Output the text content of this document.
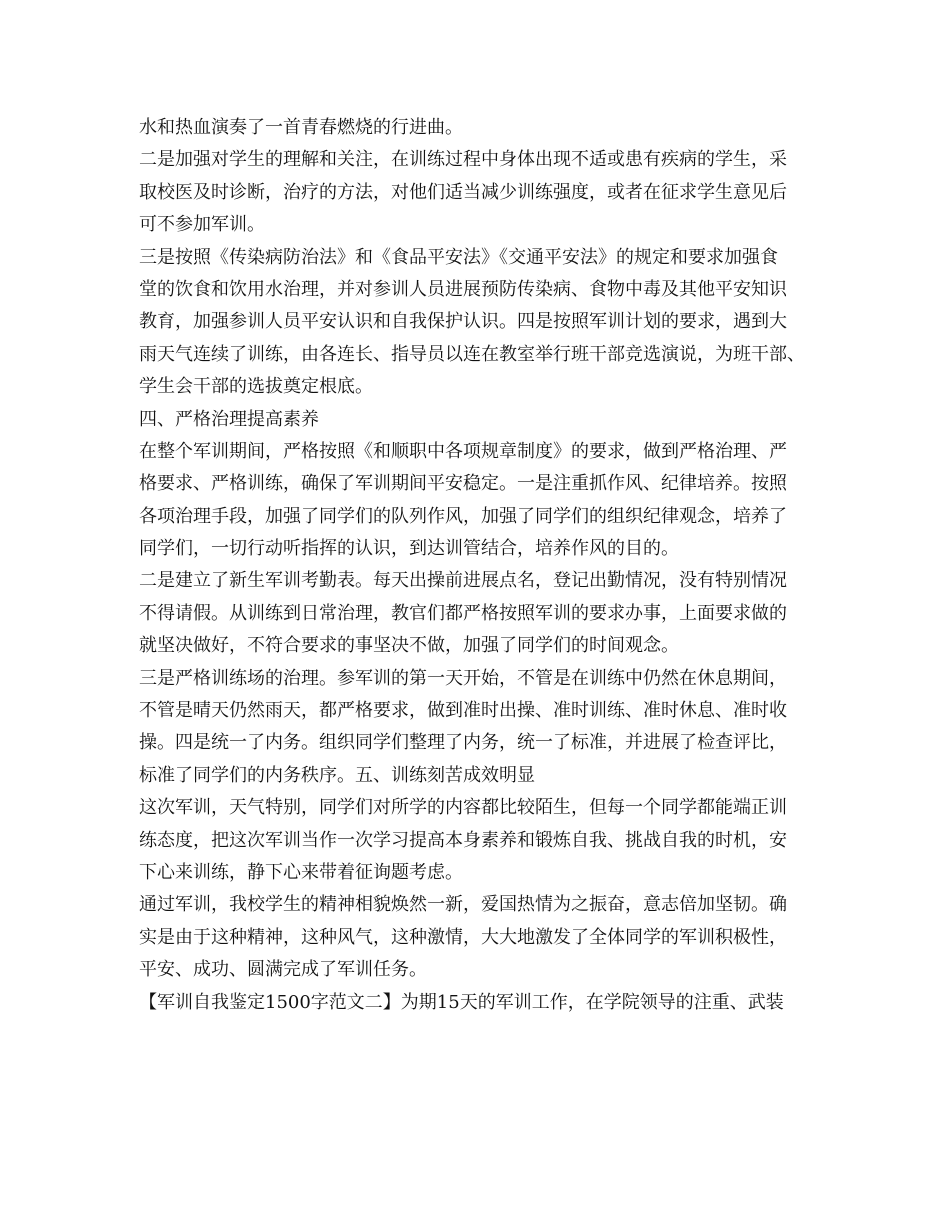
水和热血演奏了一首青春燃烧的行进曲。
二是加强对学生的理解和关注，在训练过程中身体出现不适或患有疾病的学生，采
取校医及时诊断，治疗的方法，对他们适当减少训练强度，或者在征求学生意见后
可不参加军训。
三是按照《传染病防治法》和《食品平安法》《交通平安法》的规定和要求加强食
堂的饮食和饮用水治理，并对参训人员进展预防传染病、食物中毒及其他平安知识
教育，加强参训人员平安认识和自我保护认识。四是按照军训计划的要求，遇到大
雨天气连续了训练，由各连长、指导员以连在教室举行班干部竞选演说，为班干部、
学生会干部的选拔奠定根底。
四、严格治理提高素养
在整个军训期间，严格按照《和顺职中各项规章制度》的要求，做到严格治理、严
格要求、严格训练，确保了军训期间平安稳定。一是注重抓作风、纪律培养。按照
各项治理手段，加强了同学们的队列作风，加强了同学们的组织纪律观念，培养了
同学们，一切行动听指挥的认识，到达训管结合，培养作风的目的。
二是建立了新生军训考勤表。每天出操前进展点名，登记出勤情况，没有特别情况
不得请假。从训练到日常治理，教官们都严格按照军训的要求办事，上面要求做的
就坚决做好，不符合要求的事坚决不做，加强了同学们的时间观念。
三是严格训练场的治理。参军训的第一天开始，不管是在训练中仍然在休息期间，
不管是晴天仍然雨天，都严格要求，做到准时出操、准时训练、准时休息、准时收
操。四是统一了内务。组织同学们整理了内务，统一了标准，并进展了检查评比，
标准了同学们的内务秩序。五、训练刻苦成效明显
这次军训，天气特别，同学们对所学的内容都比较陌生，但每一个同学都能端正训
练态度，把这次军训当作一次学习提高本身素养和锻炼自我、挑战自我的时机，安
下心来训练，静下心来带着征询题考虑。
通过军训，我校学生的精神相貌焕然一新，爱国热情为之振奋，意志倍加坚韧。确
实是由于这种精神，这种风气，这种激情，大大地激发了全体同学的军训积极性，
平安、成功、圆满完成了军训任务。
【军训自我鉴定1500字范文二】为期15天的军训工作，在学院领导的注重、武装
